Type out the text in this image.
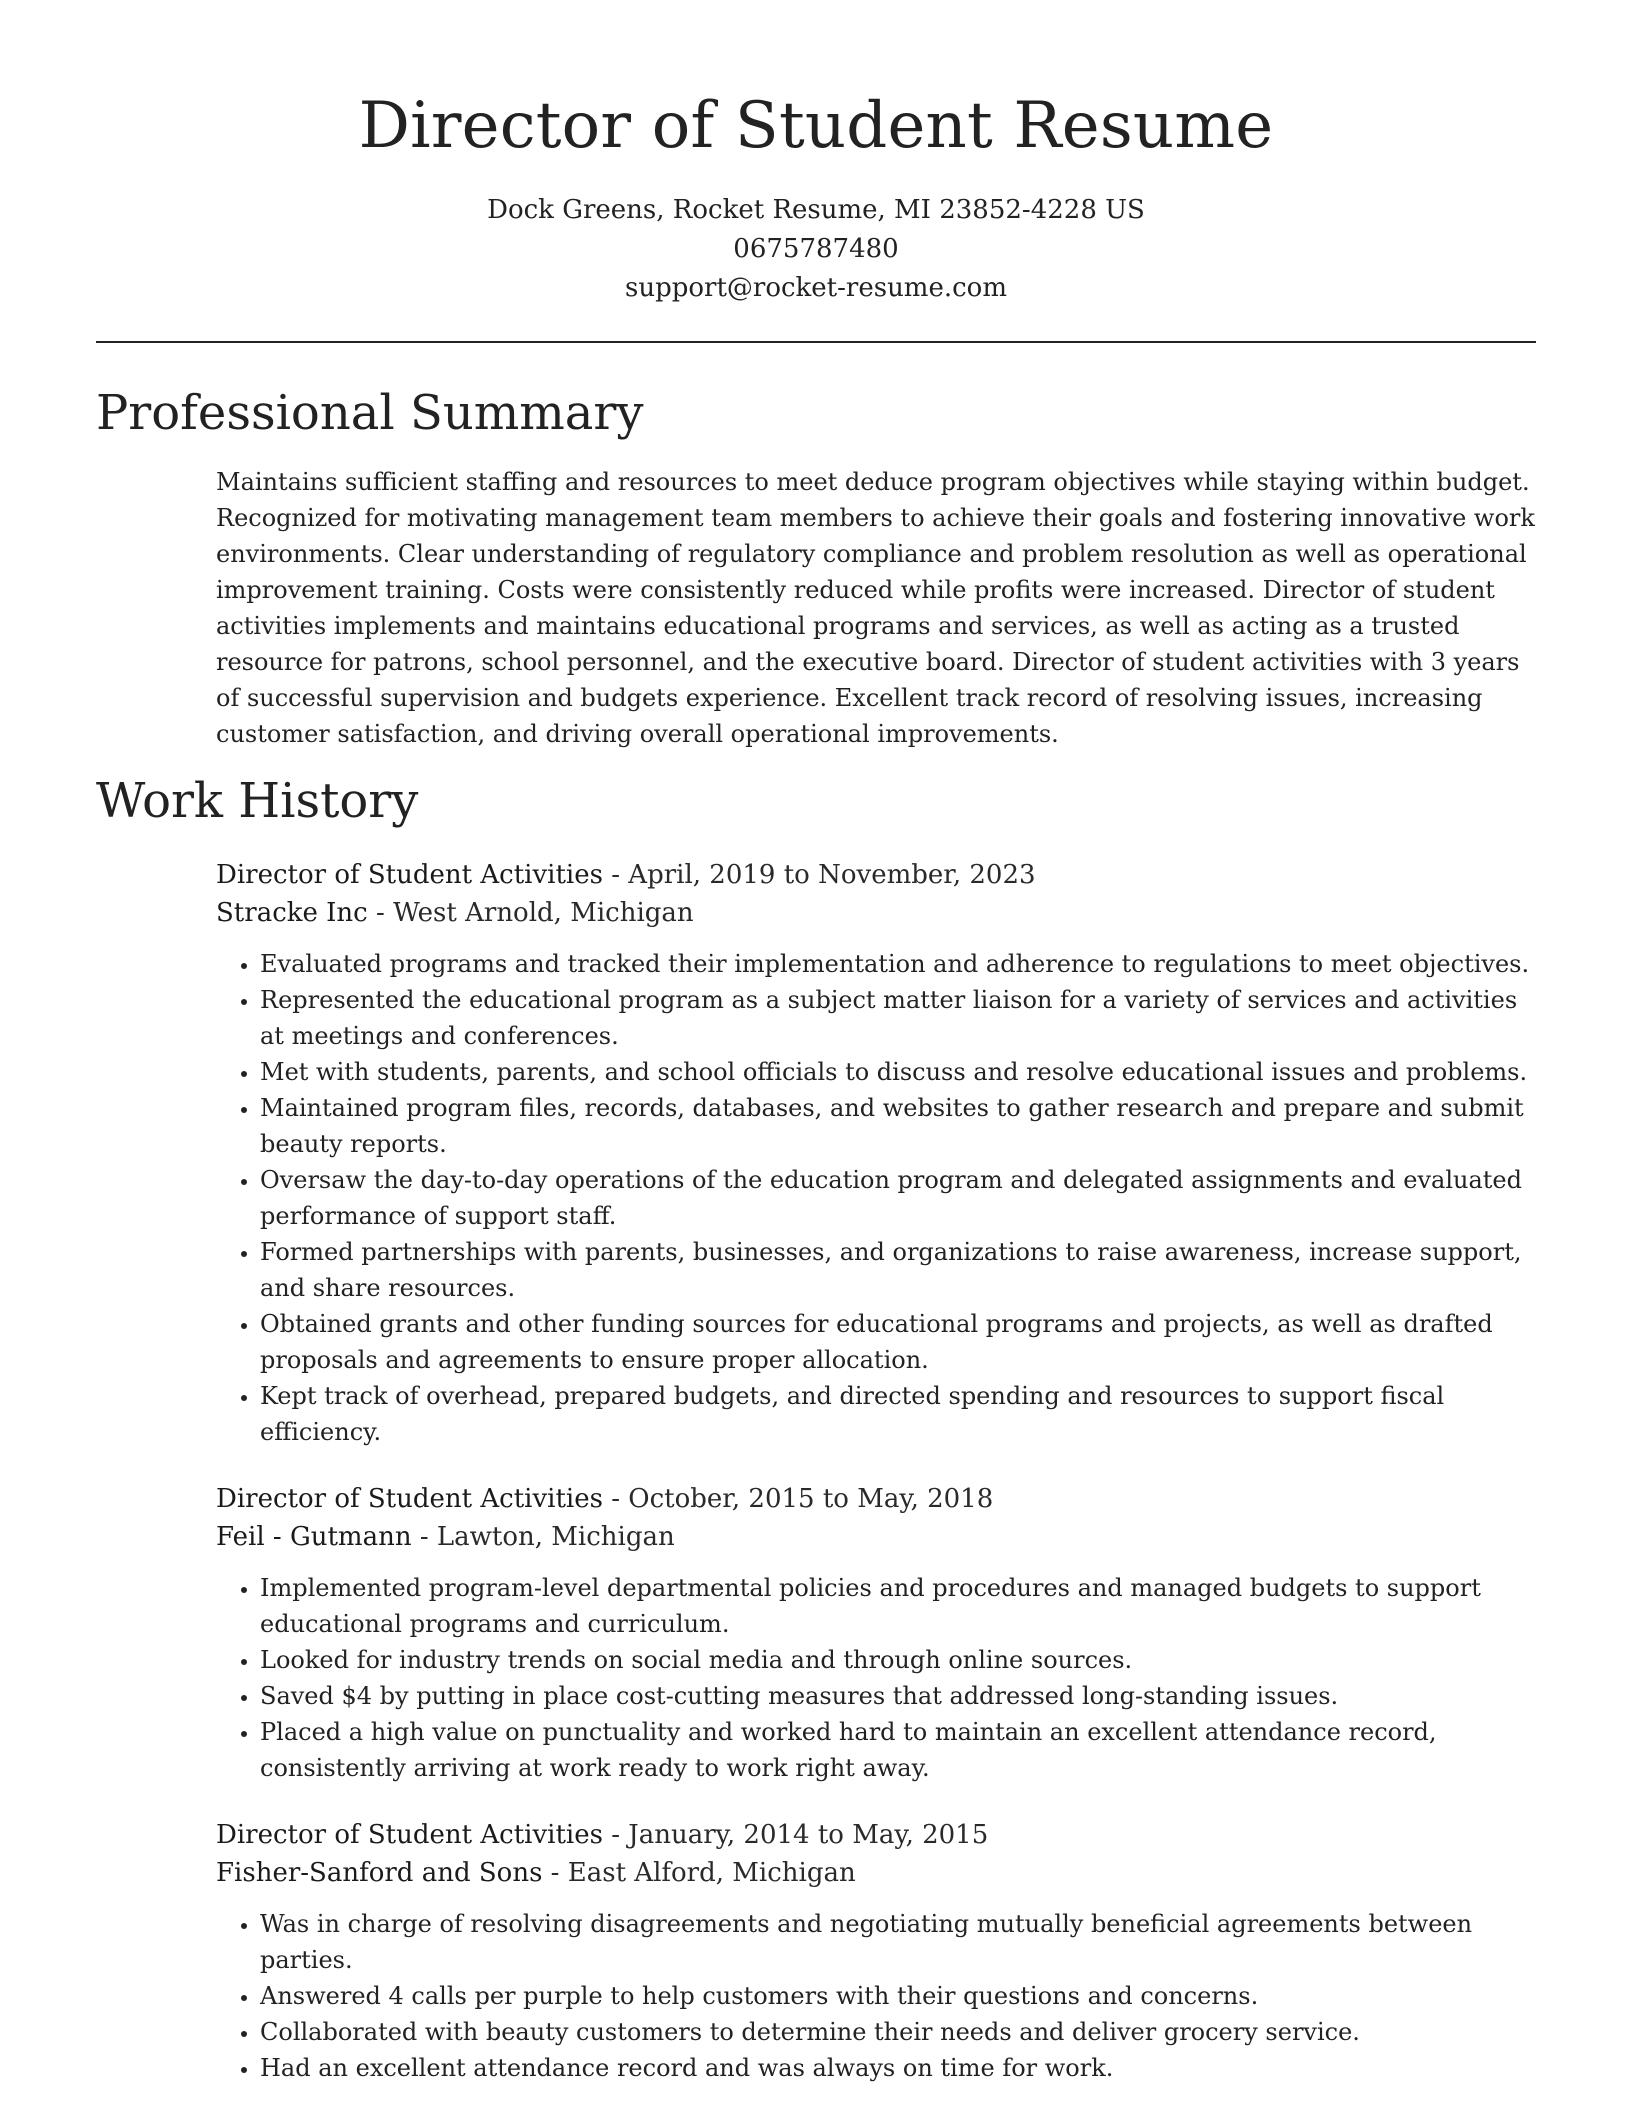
Director of Student Resume
Dock Greens, Rocket Resume, MI 23852-4228 US
0675787480
support@rocket-resume.com
Professional Summary

Maintains sufficient staffing and resources to meet deduce program objectives while staying within budget. Recognized for motivating management team members to achieve their goals and fostering innovative work environments. Clear understanding of regulatory compliance and problem resolution as well as operational improvement training. Costs were consistently reduced while profits were increased. Director of student activities implements and maintains educational programs and services, as well as acting as a trusted resource for patrons, school personnel, and the executive board. Director of student activities with 3 years of successful supervision and budgets experience. Excellent track record of resolving issues, increasing customer satisfaction, and driving overall operational improvements.

Work History
Director of Student Activities - April, 2019 to November, 2023
Stracke Inc - West Arnold, Michigan
• Evaluated programs and tracked their implementation and adherence to regulations to meet objectives.
• Represented the educational program as a subject matter liaison for a variety of services and activities at meetings and conferences.
• Met with students, parents, and school officials to discuss and resolve educational issues and problems.
• Maintained program files, records, databases, and websites to gather research and prepare and submit beauty reports.
• Oversaw the day-to-day operations of the education program and delegated assignments and evaluated performance of support staff.
• Formed partnerships with parents, businesses, and organizations to raise awareness, increase support, and share resources.
• Obtained grants and other funding sources for educational programs and projects, as well as drafted proposals and agreements to ensure proper allocation.
• Kept track of overhead, prepared budgets, and directed spending and resources to support fiscal efficiency.
Director of Student Activities - October, 2015 to May, 2018
Feil - Gutmann - Lawton, Michigan
• Implemented program-level departmental policies and procedures and managed budgets to support educational programs and curriculum.
• Looked for industry trends on social media and through online sources.
• Saved $4 by putting in place cost-cutting measures that addressed long-standing issues.
• Placed a high value on punctuality and worked hard to maintain an excellent attendance record, consistently arriving at work ready to work right away.
Director of Student Activities - January, 2014 to May, 2015
Fisher-Sanford and Sons - East Alford, Michigan
• Was in charge of resolving disagreements and negotiating mutually beneficial agreements between parties.
• Answered 4 calls per purple to help customers with their questions and concerns.
• Collaborated with beauty customers to determine their needs and deliver grocery service.
• Had an excellent attendance record and was always on time for work.
